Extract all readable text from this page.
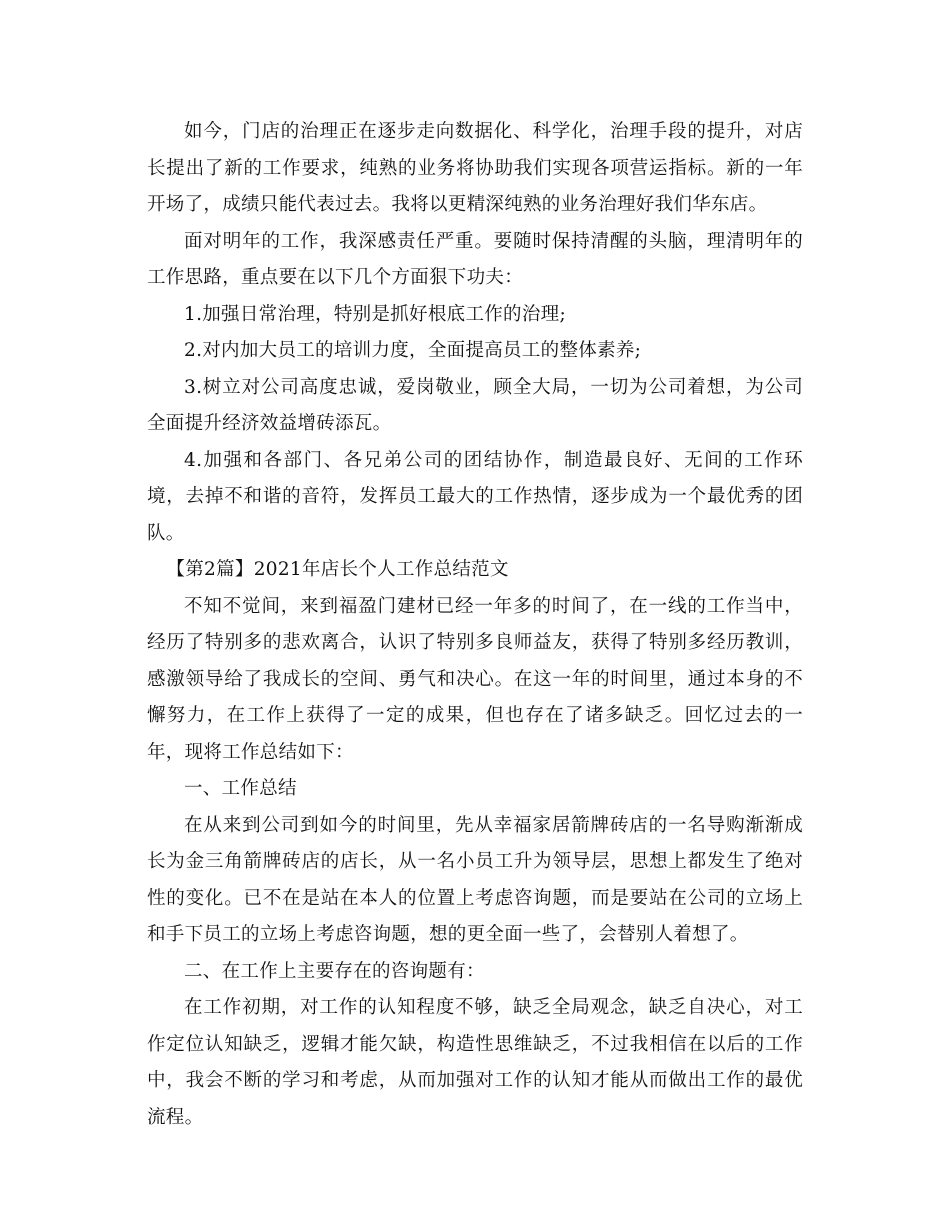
如今，门店的治理正在逐步走向数据化、科学化，治理手段的提升，对店长提出了新的工作要求，纯熟的业务将协助我们实现各项营运指标。新的一年开场了，成绩只能代表过去。我将以更精深纯熟的业务治理好我们华东店。

面对明年的工作，我深感责任严重。要随时保持清醒的头脑，理清明年的工作思路，重点要在以下几个方面狠下功夫：

1.加强日常治理，特别是抓好根底工作的治理;

2.对内加大员工的培训力度，全面提高员工的整体素养;

3.树立对公司高度忠诚，爱岗敬业，顾全大局，一切为公司着想，为公司全面提升经济效益增砖添瓦。

4.加强和各部门、各兄弟公司的团结协作，制造最良好、无间的工作环境，去掉不和谐的音符，发挥员工最大的工作热情，逐步成为一个最优秀的团队。

【第2篇】2021年店长个人工作总结范文

不知不觉间，来到福盈门建材已经一年多的时间了，在一线的工作当中，经历了特别多的悲欢离合，认识了特别多良师益友，获得了特别多经历教训，感激领导给了我成长的空间、勇气和决心。在这一年的时间里，通过本身的不懈努力，在工作上获得了一定的成果，但也存在了诸多缺乏。回忆过去的一年，现将工作总结如下：

一、工作总结

在从来到公司到如今的时间里，先从幸福家居箭牌砖店的一名导购渐渐成长为金三角箭牌砖店的店长，从一名小员工升为领导层，思想上都发生了绝对性的变化。已不在是站在本人的位置上考虑咨询题，而是要站在公司的立场上和手下员工的立场上考虑咨询题，想的更全面一些了，会替别人着想了。

二、在工作上主要存在的咨询题有：

在工作初期，对工作的认知程度不够，缺乏全局观念，缺乏自决心，对工作定位认知缺乏，逻辑才能欠缺，构造性思维缺乏，不过我相信在以后的工作中，我会不断的学习和考虑，从而加强对工作的认知才能从而做出工作的最优流程。
